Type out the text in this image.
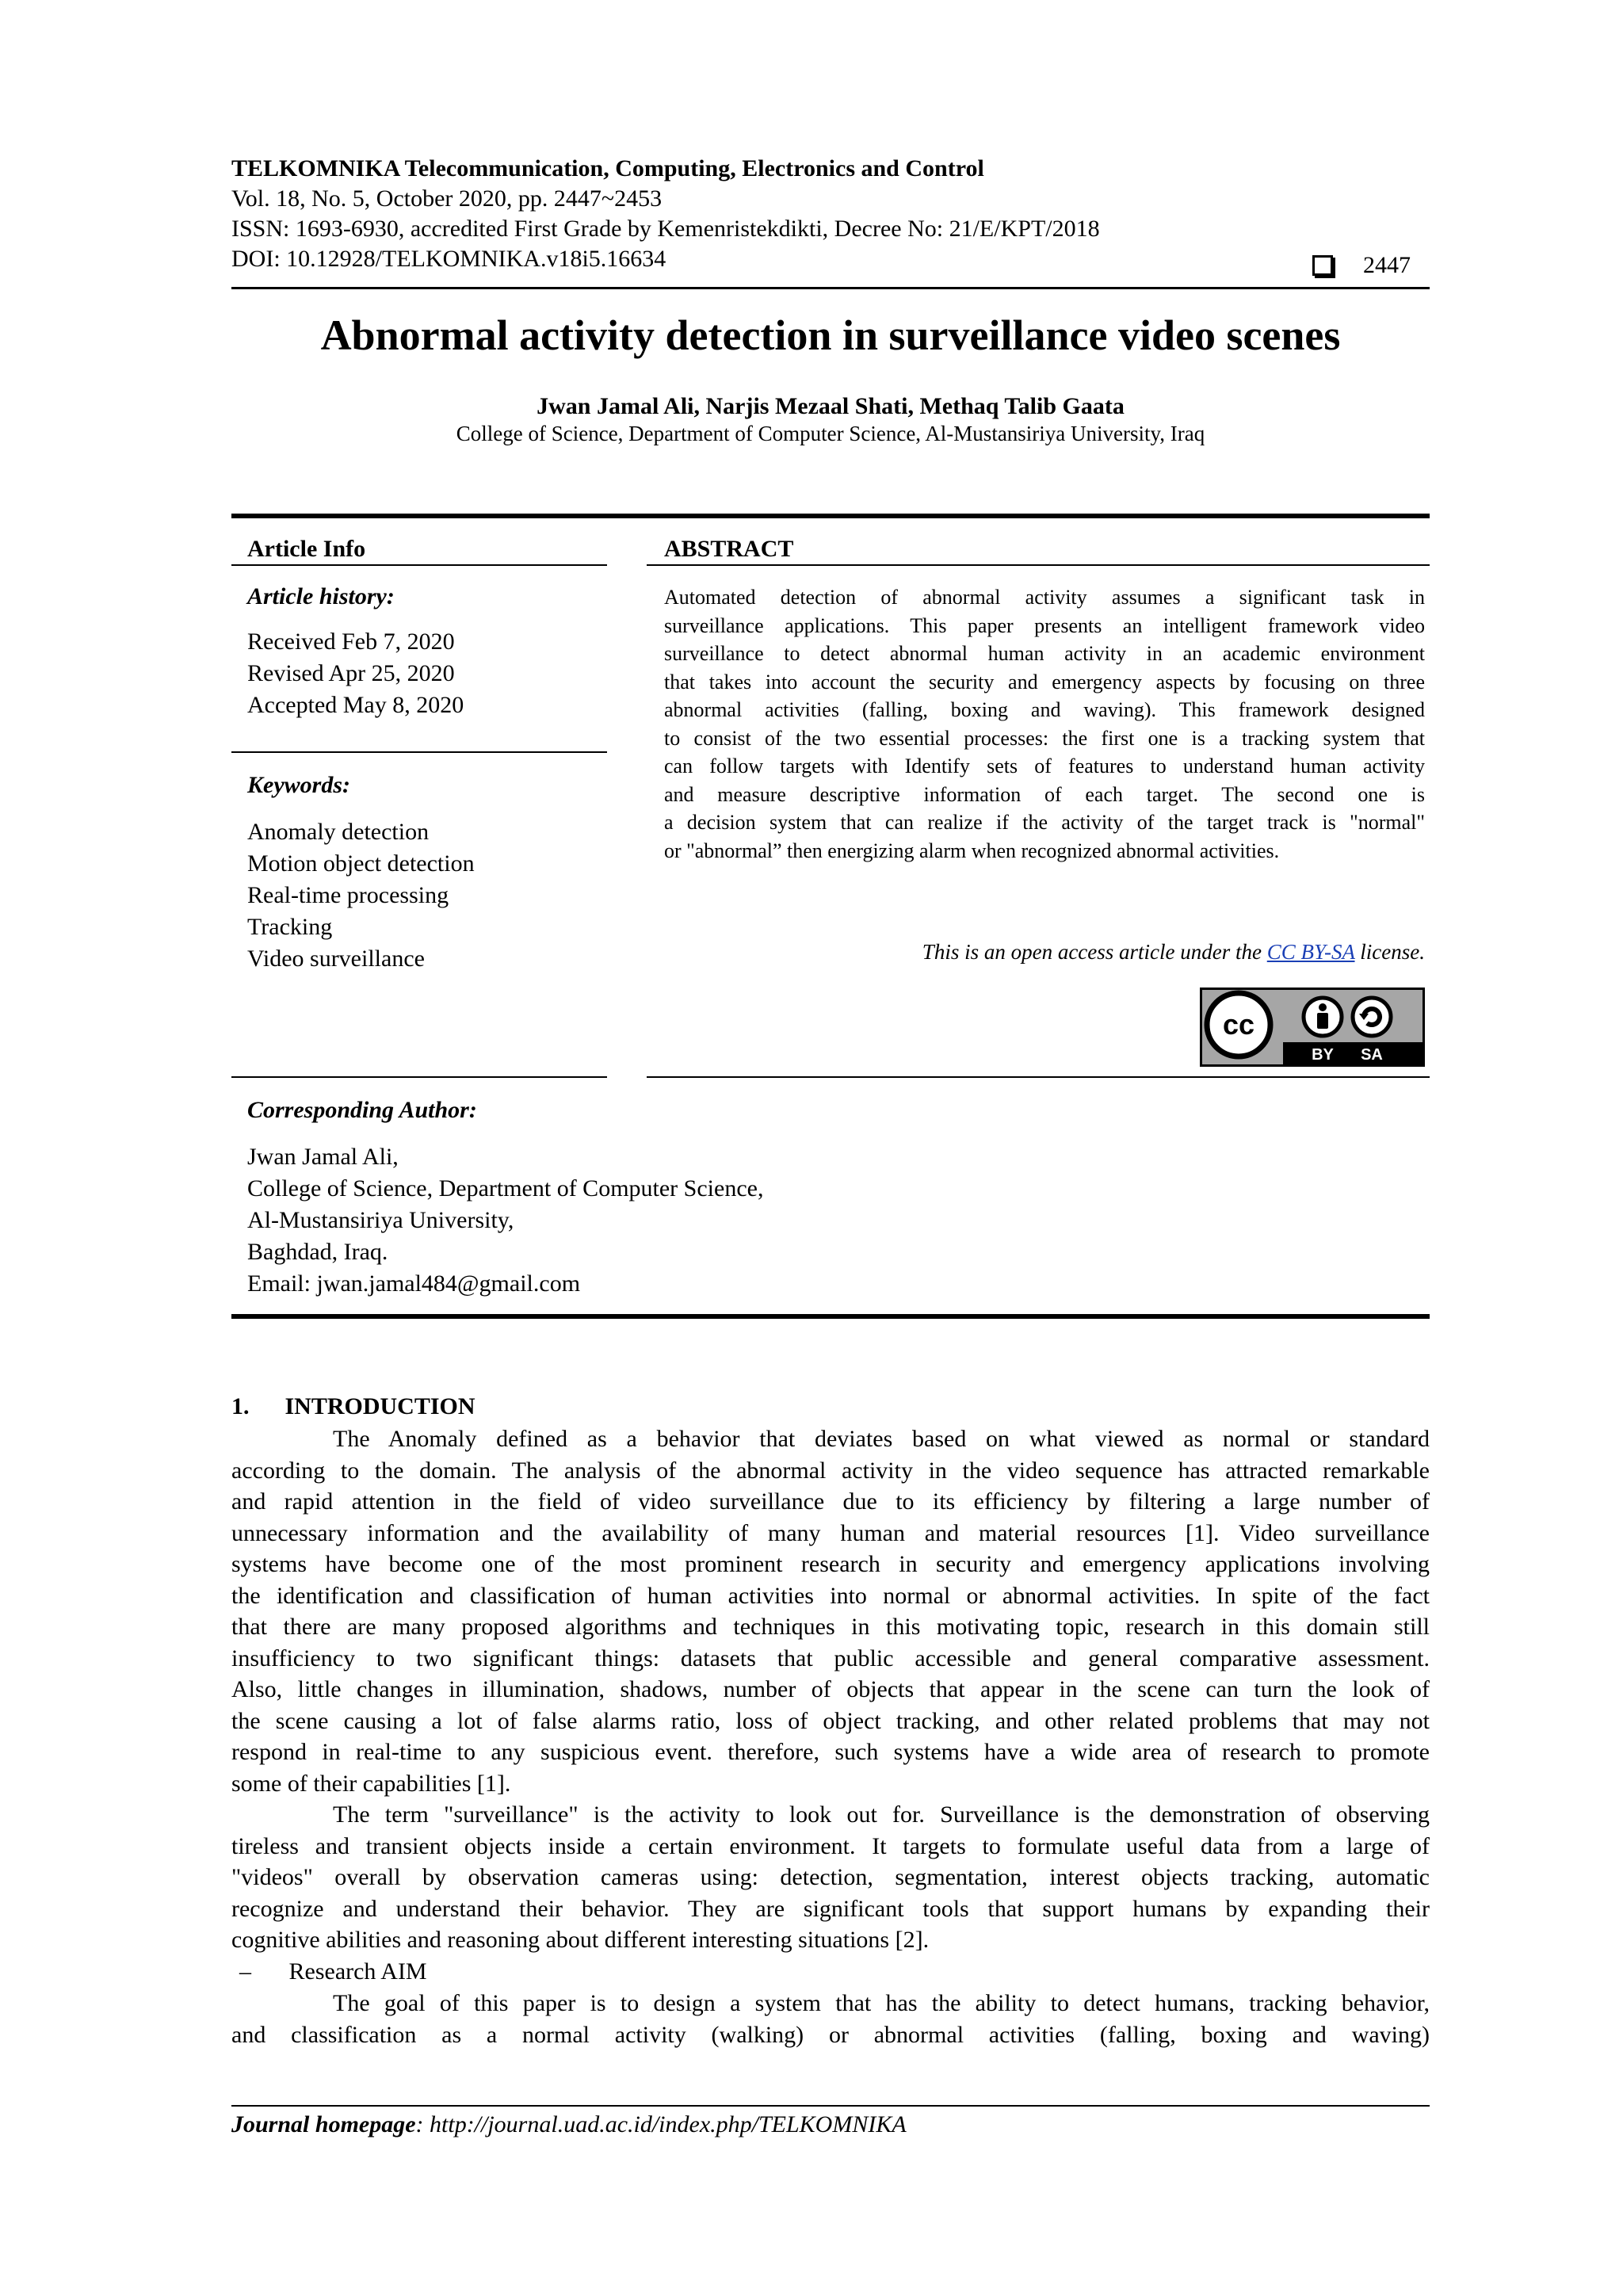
TELKOMNIKA Telecommunication, Computing, Electronics and Control
Vol. 18, No. 5, October 2020, pp. 2447~2453
ISSN: 1693-6930, accredited First Grade by Kemenristekdikti, Decree No: 21/E/KPT/2018
DOI: 10.12928/TELKOMNIKA.v18i5.16634	2447
Abnormal activity detection in surveillance video scenes
Jwan Jamal Ali, Narjis Mezaal Shati, Methaq Talib Gaata
College of Science, Department of Computer Science, Al-Mustansiriya University, Iraq
Article Info
Article history:
Received Feb 7, 2020
Revised Apr 25, 2020
Accepted May 8, 2020
Keywords:
Anomaly detection
Motion object detection
Real-time processing
Tracking
Video surveillance
ABSTRACT
Automated detection of abnormal activity assumes a significant task in
surveillance applications. This paper presents an intelligent framework video
surveillance to detect abnormal human activity in an academic environment
that takes into account the security and emergency aspects by focusing on three
abnormal activities (falling, boxing and waving). This framework designed
to consist of the two essential processes: the first one is a tracking system that
can follow targets with Identify sets of features to understand human activity
and measure descriptive information of each target. The second one is
a decision system that can realize if the activity of the target track is "normal"
or "abnormal” then energizing alarm when recognized abnormal activities.
This is an open access article under the CC BY-SA license.
cc
BY SA
Corresponding Author:
Jwan Jamal Ali,
College of Science, Department of Computer Science,
Al-Mustansiriya University,
Baghdad, Iraq.
Email: jwan.jamal484@gmail.com
1.      INTRODUCTION
The Anomaly defined as a behavior that deviates based on what viewed as normal or standard
according to the domain. The analysis of the abnormal activity in the video sequence has attracted remarkable
and rapid attention in the field of video surveillance due to its efficiency by filtering a large number of
unnecessary information and the availability of many human and material resources [1]. Video surveillance
systems have become one of the most prominent research in security and emergency applications involving
the identification and classification of human activities into normal or abnormal activities. In spite of the fact
that there are many proposed algorithms and techniques in this motivating topic, research in this domain still
insufficiency to two significant things: datasets that public accessible and general comparative assessment.
Also, little changes in illumination, shadows, number of objects that appear in the scene can turn the look of
the scene causing a lot of false alarms ratio, loss of object tracking, and other related problems that may not
respond in real-time to any suspicious event. therefore, such systems have a wide area of research to promote
some of their capabilities [1].
The term "surveillance" is the activity to look out for. Surveillance is the demonstration of observing
tireless and transient objects inside a certain environment. It targets to formulate useful data from a large of
"videos" overall by observation cameras using: detection, segmentation, interest objects tracking, automatic
recognize and understand their behavior. They are significant tools that support humans by expanding their
cognitive abilities and reasoning about different interesting situations [2].
– Research AIM
The goal of this paper is to design a system that has the ability to detect humans, tracking behavior,
and classification as a normal activity (walking) or abnormal activities (falling, boxing and waving)
Journal homepage: http://journal.uad.ac.id/index.php/TELKOMNIKA
